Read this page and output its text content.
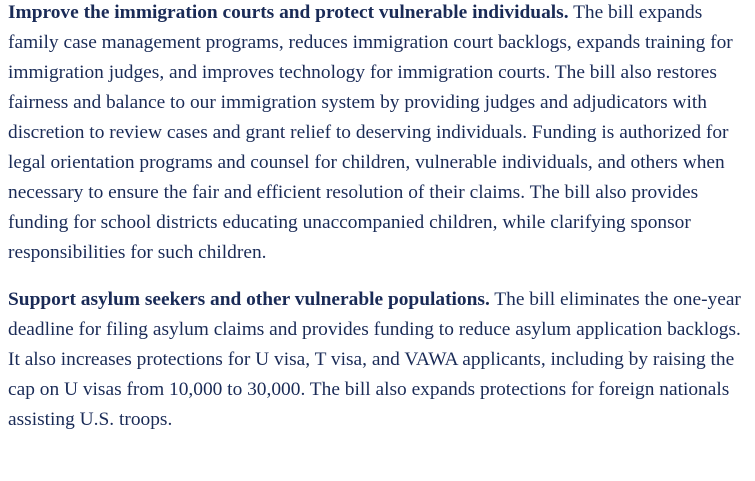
Improve the immigration courts and protect vulnerable individuals. The bill expands family case management programs, reduces immigration court backlogs, expands training for immigration judges, and improves technology for immigration courts. The bill also restores fairness and balance to our immigration system by providing judges and adjudicators with discretion to review cases and grant relief to deserving individuals. Funding is authorized for legal orientation programs and counsel for children, vulnerable individuals, and others when necessary to ensure the fair and efficient resolution of their claims. The bill also provides funding for school districts educating unaccompanied children, while clarifying sponsor responsibilities for such children.

Support asylum seekers and other vulnerable populations. The bill eliminates the one-year deadline for filing asylum claims and provides funding to reduce asylum application backlogs. It also increases protections for U visa, T visa, and VAWA applicants, including by raising the cap on U visas from 10,000 to 30,000. The bill also expands protections for foreign nationals assisting U.S. troops.
